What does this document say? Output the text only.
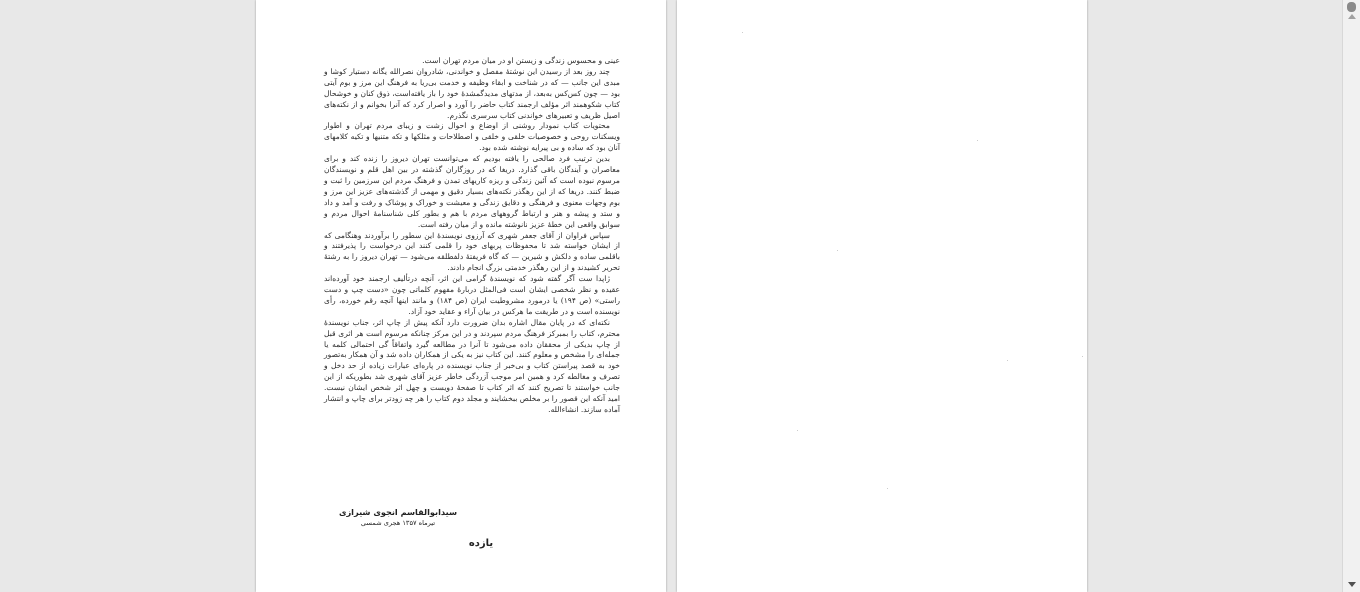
عینی و محسوس زندگی و زیستن او در میان مردم تهران است.

چند روز بعد از رسیدن این نوشتهٔ مفصل و خواندنی، شادروان نصرالله یگانه دستیار کوشا و مبدی این جانب — که در شناخت و ابقاء وظیفه و خدمت بی‌ریا به فرهنگ این مرز و بوم آیتی بود — چون کس‌کس به‌بعد، از مدتهای مدیدگمشدهٔ خود را باز یافته‌است، ذوق کنان و خوشحال کتاب شکوهمند اثر مؤلف ارجمند کتاب حاضر را آورد و اصرار کرد که آنرا بخوانم و از نکته‌های اصیل ظریف و تعبیرهای خواندنی کتاب سرسری نگذرم.

محتویات کتاب نمودار روشنی از اوضاع و احوال زشت و زیبای مردم تهران و اطوار ویسکنات روحی و خصوصیات خلقی و خلقی و اصطلاحات و مثلکها و تکه متنیها و تکیه کلامهای آنان بود که ساده و بی پیرایه نوشته شده بود.

بدین ترتیب فرد صالحی را یافته بودیم که می‌توانست تهران دیروز را زنده کند و برای معاصران و آیندگان باقی گذارد. دریغا که در روزگاران گذشته در بین اهل قلم و نویسندگان مرسوم نبوده است که آئین زندگی و ریزه کاریهای تمدن و فرهنگ مردم این سرزمین را ثبت و ضبط کنند. دریغا که از این رهگذر نکته‌های بسیار دقیق و مهمی از گذشته‌های عزیز این مرز و بوم وجهات معنوی و فرهنگی و دقایق زندگی و معیشت و خوراک و پوشاک و رفت و آمد و داد و ستد و پیشه و هنر و ارتباط گروههای مردم با هم و بطور کلی شناسنامهٔ احوال مردم و سوابق واقعی این خطهٔ عزیز نانوشته مانده و از میان رفته است.

سپاس فراوان از آقای جعفر شهری که آرزوی نویسندهٔ این سطور را برآوردند وهنگامی که از ایشان خواسته شد تا محفوظات پربهای خود را قلمی کنند این درخواست را پذیرفتند و باقلمی ساده و دلکش و شیرین — که گاه فریفتهٔ دلفطلقه می‌شود — تهران دیروز را به رشتهٔ تحریر کشیدند و از این رهگذر خدمتی بزرگ انجام دادند.

ژاپدا ست آگر گفته شود که نویسندهٔ گرامی این اثر، آنچه درتألیف ارجمند خود آورده‌اند عقیده و نظر شخصی ایشان است فی‌المثل دربارهٔ مفهوم کلماتی چون «دست چپ و دست راستی» (ص ۱۹۴) یا درمورد مشروطیت ایران (ص ۱۸۴) و مانند اینها آنچه رقم خورده، رأی نویسنده است و در طریقت ما هرکس در بیان آراء و عقاید خود آزاد.

نکته‌ای که در پایان مقال اشاره بدان ضرورت دارد آنکه پیش از چاپ اثر، جناب نویسندهٔ محترم، کتاب را بمبرکز فرهنگ مردم سپردند و در این مرکز چنانکه مرسوم است هر اثری قبل از چاپ بدیکی از محققان داده می‌شود تا آنرا در مطالعه گیرد واتفاقاً گی احتمالی کلمه یا جمله‌ای را مشخص و معلوم کنند. این کتاب نیز به یکی از همکاران داده شد و آن همکار به‌تصور خود به قصد پیراستن کتاب و بی‌خبر از جناب نویسنده در پاره‌ای عبارات زیاده از حد دخل و تصرف و مغالطه کرد و همین امر موجب آزردگی خاطر عزیز آقای شهری شد بطوریکه از این جانب خواستند تا تصریح کنند که اثر کتاب تا صفحهٔ دویست و چهل اثر شخص ایشان نیست. امید آنکه این قصور را بر مخلص ببخشایند و مجلد دوم کتاب را هر چه زودتر برای چاپ و انتشار آماده سازند. انشاءالله.

سیدابوالقاسم انجوی شیرازی
تیرماه ۱۳۵۷ هجری شمسی
یازده
